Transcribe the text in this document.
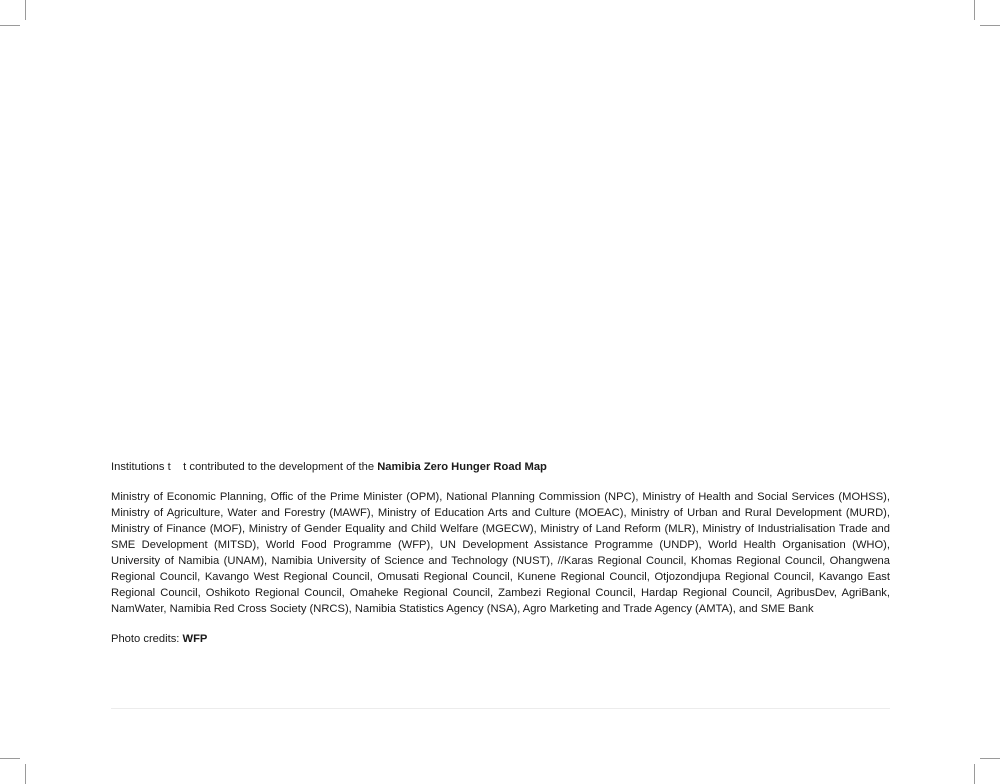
Institutions t    t contributed to the development of the Namibia Zero Hunger Road Map

Ministry of Economic Planning, Offic of the Prime Minister (OPM), National Planning Commission (NPC), Ministry of Health and Social Services (MOHSS), Ministry of Agriculture, Water and Forestry (MAWF), Ministry of Education Arts and Culture (MOEAC), Ministry of Urban and Rural Development (MURD), Ministry of Finance (MOF), Ministry of Gender Equality and Child Welfare (MGECW), Ministry of Land Reform (MLR), Ministry of Industrialisation Trade and SME Development (MITSD), World Food Programme (WFP), UN Development Assistance Programme (UNDP), World Health Organisation (WHO), University of Namibia (UNAM), Namibia University of Science and Technology (NUST), //Karas Regional Council, Khomas Regional Council, Ohangwena Regional Council, Kavango West Regional Council, Omusati Regional Council, Kunene Regional Council, Otjozondjupa Regional Council, Kavango East Regional Council, Oshikoto Regional Council, Omaheke Regional Council, Zambezi Regional Council, Hardap Regional Council, AgribusDev, AgriBank, NamWater, Namibia Red Cross Society (NRCS), Namibia Statistics Agency (NSA), Agro Marketing and Trade Agency (AMTA), and SME Bank

Photo credits: WFP
